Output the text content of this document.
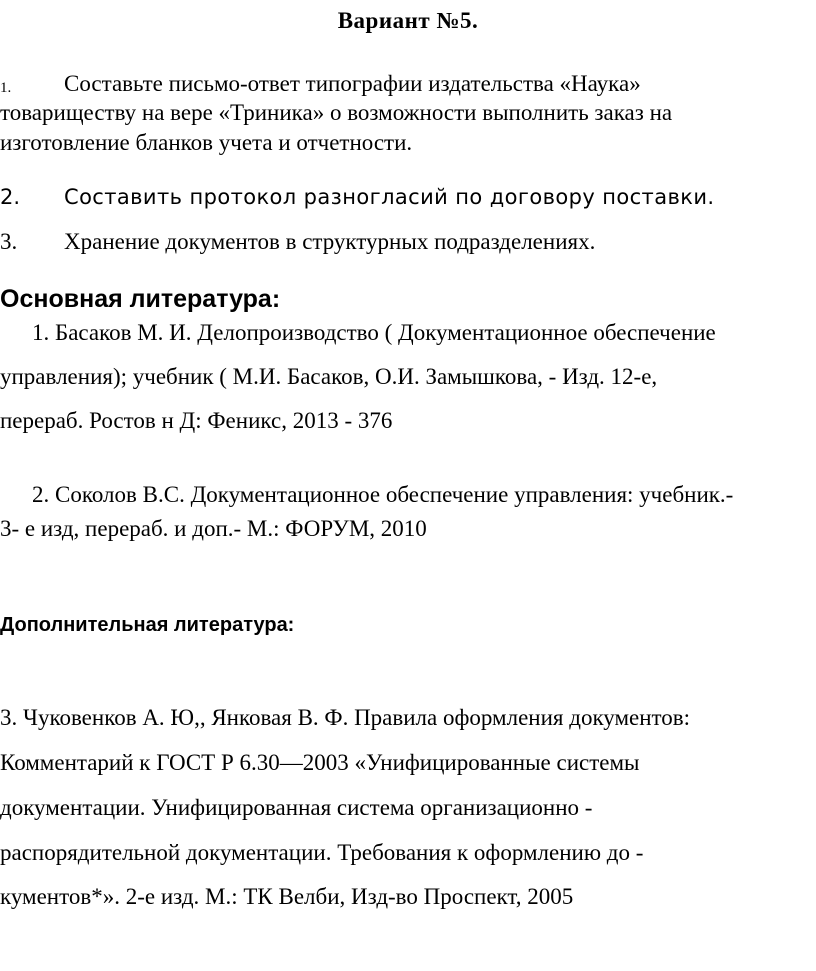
Вариант №5.
1. Составьте письмо-ответ типографии издательства «Наука»
товариществу на вере «Триника» о возможности выполнить заказ на
изготовление бланков учета и отчетности.
2. Составить протокол разногласий по договору поставки.
3. Хранение документов в структурных подразделениях.
Основная литература:
1. Басаков М. И. Делопроизводство ( Документационное обеспечение
управления); учебник ( М.И. Басаков, О.И. Замышкова, - Изд. 12-е,
перераб. Ростов н Д: Феникс, 2013 - 376
2. Соколов В.С. Документационное обеспечение управления: учебник.-
3- е изд, перераб. и доп.- М.: ФОРУМ, 2010
Дополнительная литература:
3. Чуковенков А. Ю,, Янковая В. Ф. Правила оформления документов:
Комментарий к ГОСТ Р 6.30—2003 «Унифицированные системы
документации. Унифицированная система организационно -
распорядительной документации. Требования к оформлению до -
кументов*». 2-е изд. М.: ТК Велби, Изд-во Проспект, 2005
